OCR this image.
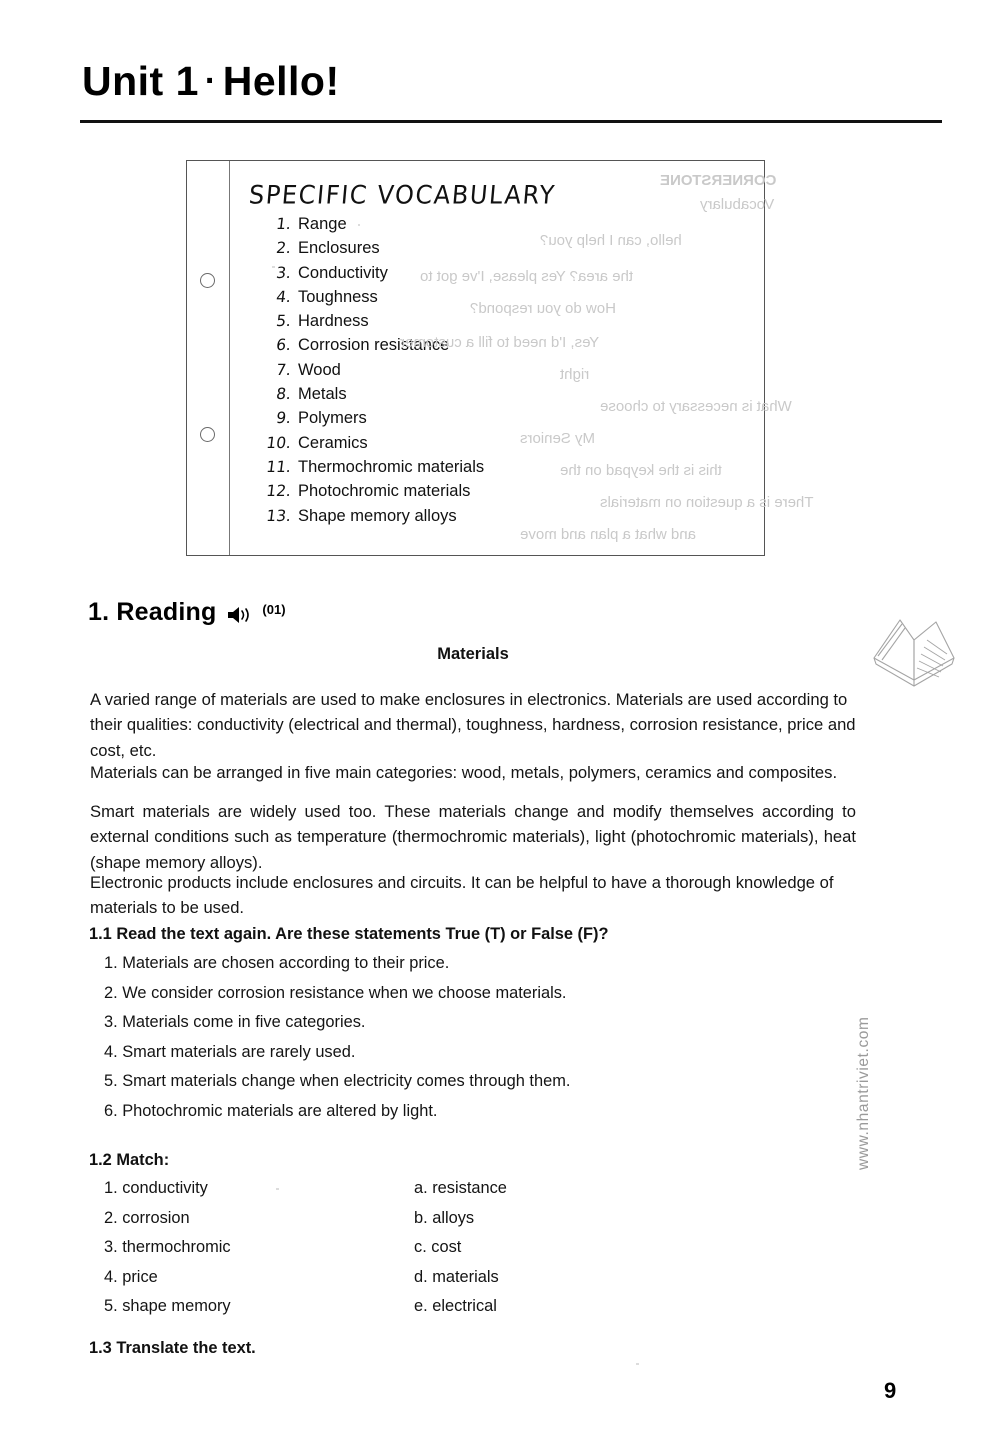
Unit 1 · Hello!
SPECIFIC VOCABULARY
1. Range
2. Enclosures
3. Conductivity
4. Toughness
5. Hardness
6. Corrosion resistance
7. Wood
8. Metals
9. Polymers
10. Ceramics
11. Thermochromic materials
12. Photochromic materials
13. Shape memory alloys
CORNERSTONE
Vocabulary
hello, can I help you?
the area? Yes please, I've got to
How do you respond?
Yes, I'd need to fill a customer
right
What is necessary to choose
My Seniors
this is the keypad on the
There is a question on materials
and what a plan and move
1. Reading	(01)
Materials

A varied range of materials are used to make enclosures in electronics. Materials are used according to their qualities: conductivity (electrical and thermal), toughness, hardness, corrosion resistance, price and cost, etc.

Materials can be arranged in five main categories: wood, metals, polymers, ceramics and composites.

Smart materials are widely used too. These materials change and modify themselves according to external conditions such as temperature (thermochromic materials), light (photochromic materials), heat (shape memory alloys).

Electronic products include enclosures and circuits. It can be helpful to have a thorough knowledge of materials to be used.

1.1 Read the text again. Are these statements True (T) or False (F)?
1. Materials are chosen according to their price.
2. We consider corrosion resistance when we choose materials.
3. Materials come in five categories.
4. Smart materials are rarely used.
5. Smart materials change when electricity comes through them.
6. Photochromic materials are altered by light.
1.2 Match:
1. conductivity	a. resistance
2. corrosion	b. alloys
3. thermochromic	c. cost
4. price	d. materials
5. shape memory	e. electrical
1.3 Translate the text.
www.nhantriviet.com
9
